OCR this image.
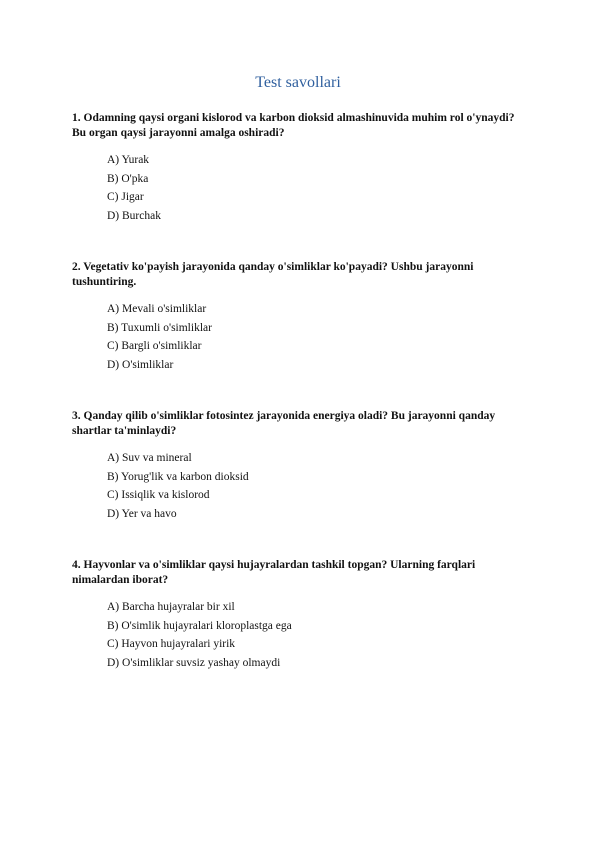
Test savollari

1. Odamning qaysi organi kislorod va karbon dioksid almashinuvida muhim rol o'ynaydi? Bu organ qaysi jarayonni amalga oshiradi?

A) Yurak
B) O'pka
C) Jigar
D) Burchak

2. Vegetativ ko'payish jarayonida qanday o'simliklar ko'payadi? Ushbu jarayonni tushuntiring.

A) Mevali o'simliklar
B) Tuxumli o'simliklar
C) Bargli o'simliklar
D) O'simliklar

3. Qanday qilib o'simliklar fotosintez jarayonida energiya oladi? Bu jarayonni qanday shartlar ta'minlaydi?

A) Suv va mineral
B) Yorug'lik va karbon dioksid
C) Issiqlik va kislorod
D) Yer va havo

4. Hayvonlar va o'simliklar qaysi hujayralardan tashkil topgan? Ularning farqlari nimalardan iborat?

A) Barcha hujayralar bir xil
B) O'simlik hujayralari kloroplastga ega
C) Hayvon hujayralari yirik
D) O'simliklar suvsiz yashay olmaydi
